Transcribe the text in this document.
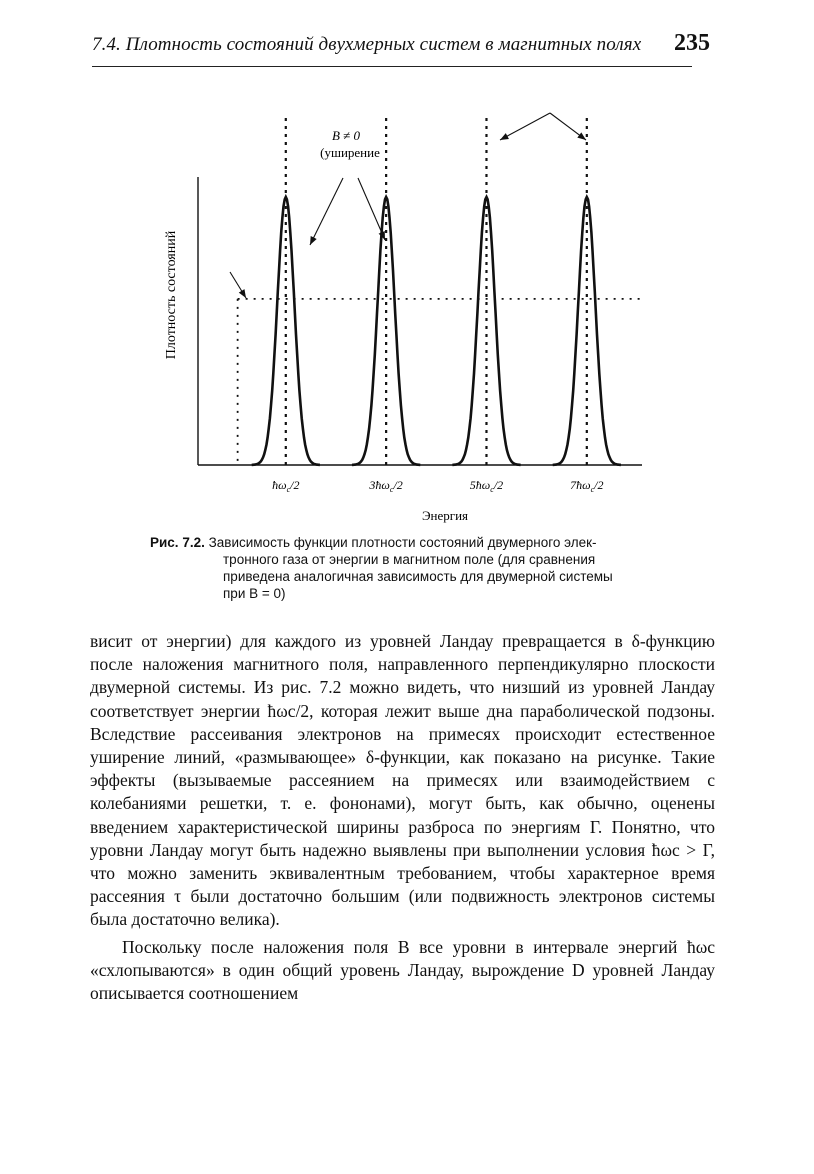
7.4. Плотность состояний двухмерных систем в магнитных полях 235
Плотность состояний
Энергия
B ≠ 0
(уширение
$ħ\omega_c/2$	$3ħ\omega_c/2$	$5ħ\omega_c/2$	$7ħ\omega_c/2$
Рис. 7.2. Зависимость функции плотности состояний двумерного элек-
тронного газа от энергии в магнитном поле (для сравнения
приведена аналогичная зависимость для двумерной системы
при B = 0)

висит от энергии) для каждого из уровней Ландау превращается в δ-функцию после наложения магнитного поля, направленного перпендикулярно плоскости двумерной системы. Из рис. 7.2 можно видеть, что низший из уровней Ландау соответствует энергии ħωc/2, которая лежит выше дна параболической подзоны. Вследствие рассеивания электронов на примесях происходит естественное уширение линий, «размывающее» δ-функции, как показано на рисунке. Такие эффекты (вызываемые рассеянием на примесях или взаимодействием с колебаниями решетки, т. е. фононами), могут быть, как обычно, оценены введением характеристической ширины разброса по энергиям Γ. Понятно, что уровни Ландау могут быть надежно выявлены при выполнении условия ħωc > Γ, что можно заменить эквивалентным требованием, чтобы характерное время рассеяния τ были достаточно большим (или подвижность электронов системы была достаточно велика).

Поскольку после наложения поля B все уровни в интервале энергий ħωc «схлопываются» в один общий уровень Ландау, вырождение D уровней Ландау описывается соотношением
